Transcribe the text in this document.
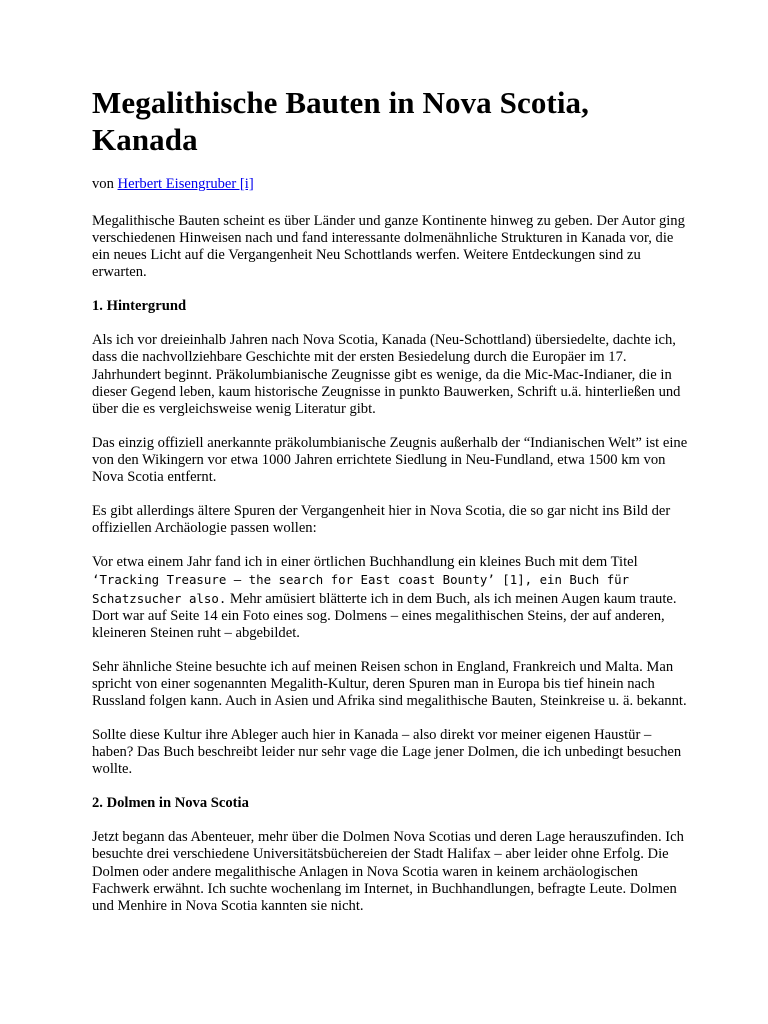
Megalithische Bauten in Nova Scotia, Kanada

von Herbert Eisengruber [i]

Megalithische Bauten scheint es über Länder und ganze Kontinente hinweg zu geben. Der Autor ging verschiedenen Hinweisen nach und fand interessante dolmenähnliche Strukturen in Kanada vor, die ein neues Licht auf die Vergangenheit Neu Schottlands werfen. Weitere Entdeckungen sind zu erwarten.

1. Hintergrund

Als ich vor dreieinhalb Jahren nach Nova Scotia, Kanada (Neu-Schottland) übersiedelte, dachte ich, dass die nachvollziehbare Geschichte mit der ersten Besiedelung durch die Europäer im 17. Jahrhundert beginnt. Präkolumbianische Zeugnisse gibt es wenige, da die Mic-Mac-Indianer, die in dieser Gegend leben, kaum historische Zeugnisse in punkto Bauwerken, Schrift u.ä. hinterließen und über die es vergleichsweise wenig Literatur gibt.

Das einzig offiziell anerkannte präkolumbianische Zeugnis außerhalb der “Indianischen Welt” ist eine von den Wikingern vor etwa 1000 Jahren errichtete Siedlung in Neu-Fundland, etwa 1500 km von Nova Scotia entfernt.

Es gibt allerdings ältere Spuren der Vergangenheit hier in Nova Scotia, die so gar nicht ins Bild der offiziellen Archäologie passen wollen:

Vor etwa einem Jahr fand ich in einer örtlichen Buchhandlung ein kleines Buch mit dem Titel ‘Tracking Treasure – the search for East coast Bounty’ [1], ein Buch für Schatzsucher also. Mehr amüsiert blätterte ich in dem Buch, als ich meinen Augen kaum traute. Dort war auf Seite 14 ein Foto eines sog. Dolmens – eines megalithischen Steins, der auf anderen, kleineren Steinen ruht – abgebildet.

Sehr ähnliche Steine besuchte ich auf meinen Reisen schon in England, Frankreich und Malta. Man spricht von einer sogenannten Megalith-Kultur, deren Spuren man in Europa bis tief hinein nach Russland folgen kann. Auch in Asien und Afrika sind megalithische Bauten, Steinkreise u. ä. bekannt.

Sollte diese Kultur ihre Ableger auch hier in Kanada – also direkt vor meiner eigenen Haustür – haben? Das Buch beschreibt leider nur sehr vage die Lage jener Dolmen, die ich unbedingt besuchen wollte.

2. Dolmen in Nova Scotia

Jetzt begann das Abenteuer, mehr über die Dolmen Nova Scotias und deren Lage herauszufinden. Ich besuchte drei verschiedene Universitätsbüchereien der Stadt Halifax – aber leider ohne Erfolg. Die Dolmen oder andere megalithische Anlagen in Nova Scotia waren in keinem archäologischen Fachwerk erwähnt. Ich suchte wochenlang im Internet, in Buchhandlungen, befragte Leute. Dolmen und Menhire in Nova Scotia kannten sie nicht.
